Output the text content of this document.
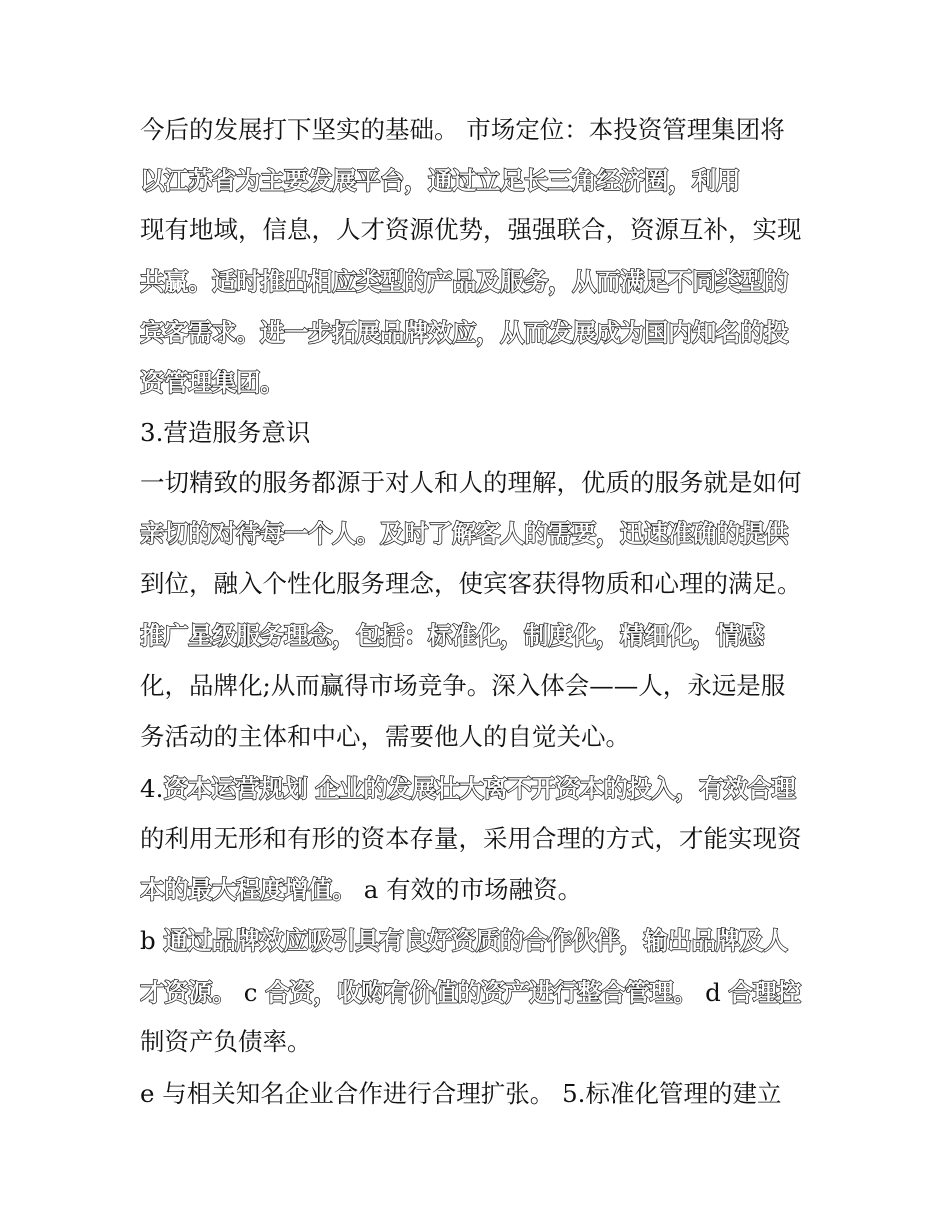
今后的发展打下坚实的基础。 市场定位：本投资管理集团将
以江苏省为主要发展平台，通过立足长三角经济圈，利用
现有地域，信息，人才资源优势，强强联合，资源互补，实现
共赢。适时推出相应类型的产品及服务，从而满足不同类型的
宾客需求。进一步拓展品牌效应，从而发展成为国内知名的投
资管理集团。
3.营造服务意识
一切精致的服务都源于对人和人的理解，优质的服务就是如何
亲切的对待每一个人。及时了解客人的需要，迅速准确的提供
到位，融入个性化服务理念，使宾客获得物质和心理的满足。
推广星级服务理念，包括：标准化，制度化，精细化，情感
化，品牌化;从而赢得市场竞争。深入体会——人，永远是服
务活动的主体和中心，需要他人的自觉关心。
4.资本运营规划 企业的发展壮大离不开资本的投入，有效合理
的利用无形和有形的资本存量，采用合理的方式，才能实现资
本的最大程度增值。 a 有效的市场融资。
b 通过品牌效应吸引具有良好资质的合作伙伴，输出品牌及人
才资源。 c 合资，收购有价值的资产进行整合管理。 d 合理控
制资产负债率。
e 与相关知名企业合作进行合理扩张。 5.标准化管理的建立
